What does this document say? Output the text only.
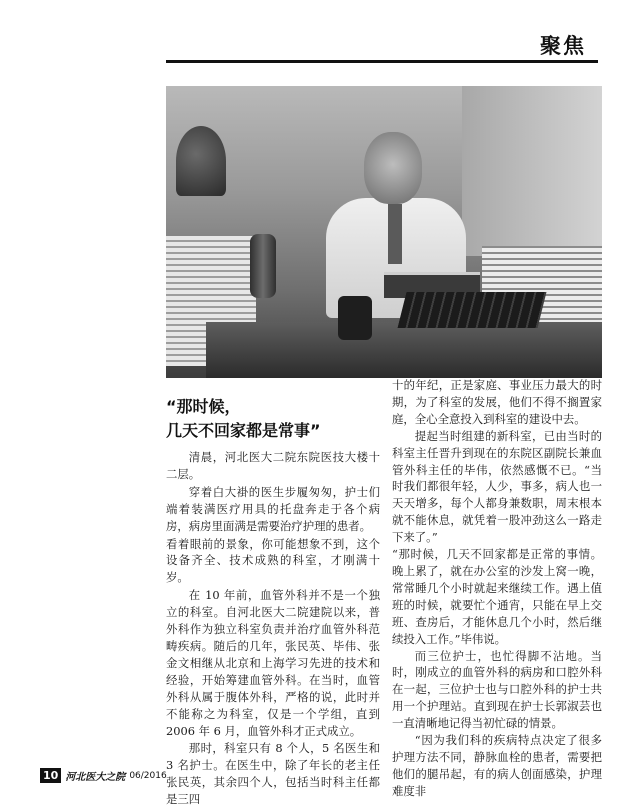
聚焦
“那时候，
几天不回家都是常事”

清晨，河北医大二院东院医技大楼十二层。

穿着白大褂的医生步履匆匆，护士们端着装满医疗用具的托盘奔走于各个病房，病房里面满是需要治疗护理的患者。

看着眼前的景象，你可能想象不到，这个设备齐全、技术成熟的科室，才刚满十岁。

在 10 年前，血管外科并不是一个独立的科室。自河北医大二院建院以来，普外科作为独立科室负责并治疗血管外科范畴疾病。随后的几年，张民英、毕伟、张金文相继从北京和上海学习先进的技术和经验，开始筹建血管外科。在当时，血管外科从属于腹体外科，严格的说，此时并不能称之为科室，仅是一个学组，直到 2006 年 6 月，血管外科才正式成立。

那时，科室只有 8 个人，5 名医生和 3 名护士。在医生中，除了年长的老主任张民英，其余四个人，包括当时科主任都是三四

十的年纪，正是家庭、事业压力最大的时期，为了科室的发展，他们不得不搁置家庭，全心全意投入到科室的建设中去。

提起当时组建的新科室，已由当时的科室主任晋升到现在的东院区副院长兼血管外科主任的毕伟，依然感慨不已。“当时我们都很年轻，人少，事多，病人也一天天增多，每个人都身兼数职，周末根本就不能休息，就凭着一股冲劲这么一路走下来了。”

“那时候，几天不回家都是正常的事情。晚上累了，就在办公室的沙发上窝一晚，常常睡几个小时就起来继续工作。遇上值班的时候，就要忙个通宵，只能在早上交班、查房后，才能休息几个小时，然后继续投入工作。”毕伟说。

而三位护士，也忙得脚不沾地。当时，刚成立的血管外科的病房和口腔外科在一起，三位护士也与口腔外科的护士共用一个护理站。直到现在护士长郭淑芸也一直清晰地记得当初忙碌的情景。

“因为我们科的疾病特点决定了很多护理方法不同，静脉血栓的患者，需要把他们的腿吊起，有的病人创面感染，护理难度非

10 河北医大之院 06/2016
